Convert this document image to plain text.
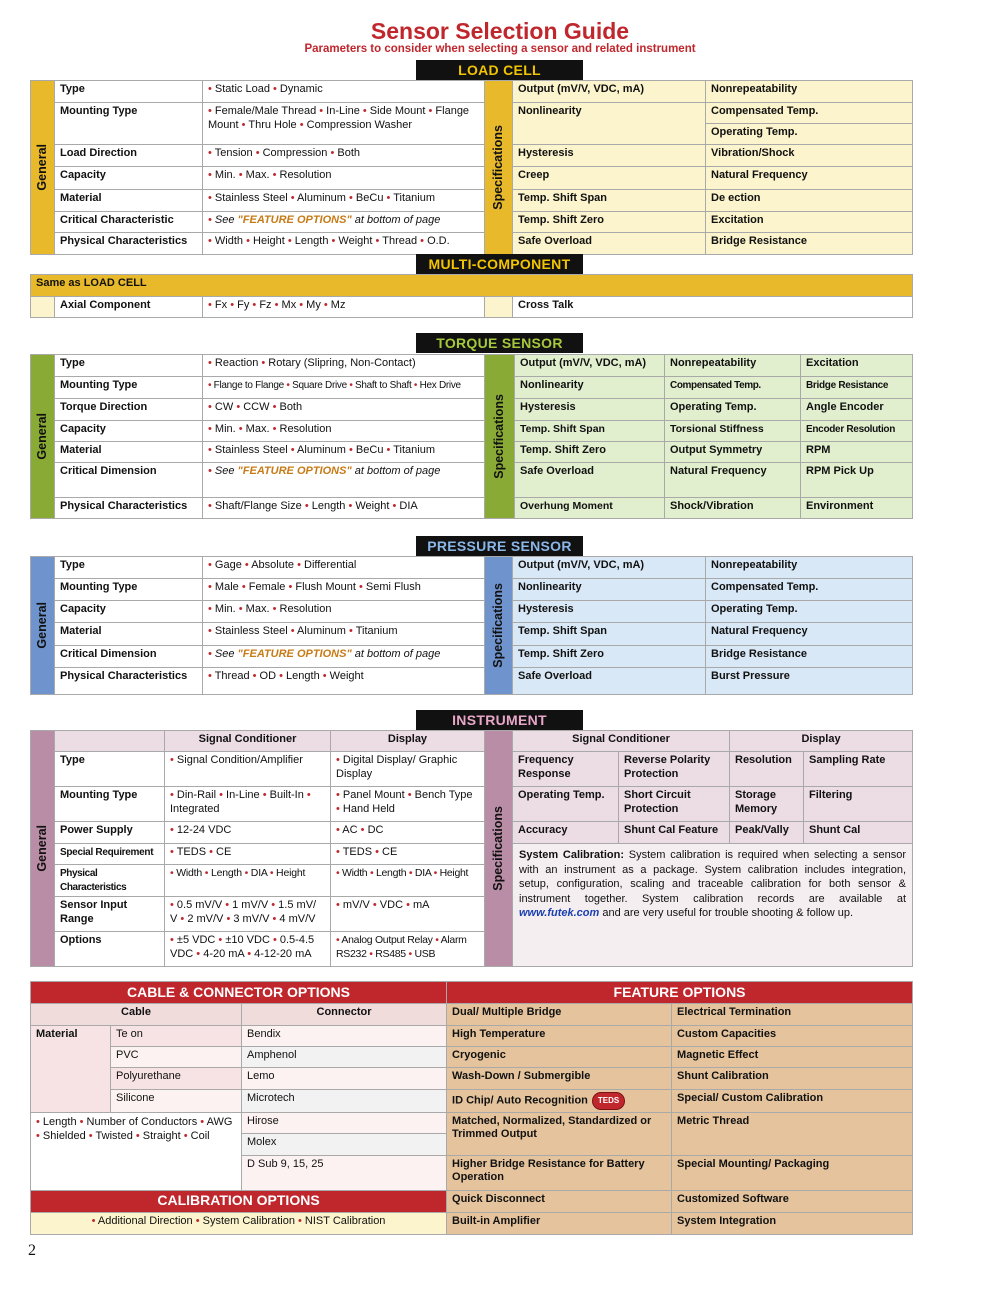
Sensor Selection Guide
Parameters to consider when selecting a sensor and related instrument
LOAD CELL
General	Type	• Static Load • Dynamic	Specifications	Output (mV/V, VDC, mA)	Nonrepeatability
	Mounting Type	• Female/Male Thread • In-Line • Side Mount • Flange Mount • Thru Hole • Compression Washer		Nonlinearity	Compensated Temp.
					Operating Temp.
	Load Direction	• Tension • Compression • Both		Hysteresis	Vibration/Shock
	Capacity	• Min. • Max. • Resolution		Creep	Natural Frequency
	Material	• Stainless Steel • Aluminum • BeCu • Titanium		Temp. Shift Span	De ection
	Critical Characteristic	• See "FEATURE OPTIONS" at bottom of page		Temp. Shift Zero	Excitation
	Physical Characteristics	• Width • Height • Length • Weight • Thread • O.D.		Safe Overload	Bridge Resistance
MULTI-COMPONENT
Same as LOAD CELL
	Axial Component	• Fx • Fy • Fz • Mx • My • Mz		Cross Talk
TORQUE SENSOR
General	Type	• Reaction • Rotary (Slipring, Non-Contact)	Specifications	Output (mV/V, VDC, mA)	Nonrepeatability	Excitation
	Mounting Type	• Flange to Flange • Square Drive • Shaft to Shaft • Hex Drive		Nonlinearity	Compensated Temp.	Bridge Resistance
	Torque Direction	• CW • CCW • Both		Hysteresis	Operating Temp.	Angle Encoder
	Capacity	• Min. • Max. • Resolution		Temp. Shift Span	Torsional Stiffness	Encoder Resolution
	Material	• Stainless Steel • Aluminum • BeCu • Titanium		Temp. Shift Zero	Output Symmetry	RPM
	Critical Dimension	• See "FEATURE OPTIONS" at bottom of page		Safe Overload	Natural Frequency	RPM Pick Up
	Physical Characteristics	• Shaft/Flange Size • Length • Weight • DIA		Overhung Moment	Shock/Vibration	Environment
PRESSURE SENSOR
General	Type	• Gage • Absolute • Differential	Specifications	Output (mV/V, VDC, mA)	Nonrepeatability
	Mounting Type	• Male • Female • Flush Mount • Semi Flush		Nonlinearity	Compensated Temp.
	Capacity	• Min. • Max. • Resolution		Hysteresis	Operating Temp.
	Material	• Stainless Steel • Aluminum • Titanium		Temp. Shift Span	Natural Frequency
	Critical Dimension	• See "FEATURE OPTIONS" at bottom of page		Temp. Shift Zero	Bridge Resistance
	Physical Characteristics	• Thread • OD • Length • Weight		Safe Overload	Burst Pressure
INSTRUMENT
General		Signal Conditioner	Display	Specifications	Signal Conditioner		Display	
	Type	• Signal Condition/Amplifier	• Digital Display/ Graphic Display		Frequency Response	Reverse Polarity Protection	Resolution	Sampling Rate
	Mounting Type	• Din-Rail • In-Line • Built-In • Integrated	• Panel Mount • Bench Type • Hand Held		Operating Temp.	Short Circuit Protection	Storage Memory	Filtering
	Power Supply	• 12-24 VDC	• AC • DC		Accuracy	Shunt Cal Feature	Peak/Vally	Shunt Cal
	Special Requirement	• TEDS • CE	• TEDS • CE		System Calibration: System calibration is required when selecting a sensor with an instrument as a package. System calibration includes integration, setup, configuration, scaling and traceable calibration for both sensor & instrument together. System calibration records are available at www.futek.com and are very useful for trouble shooting & follow up.			
	Physical Characteristics	• Width • Length • DIA • Height	• Width • Length • DIA • Height					
	Sensor Input Range	• 0.5 mV/V • 1 mV/V • 1.5 mV/ V • 2 mV/V • 3 mV/V • 4 mV/V	• mV/V • VDC • mA					
	Options	• ±5 VDC • ±10 VDC • 0.5-4.5 VDC • 4-20 mA • 4-12-20 mA	• Analog Output Relay • Alarm RS232 • RS485 • USB					
CABLE & CONNECTOR OPTIONS			FEATURE OPTIONS	
Cable		Connector	Dual/ Multiple Bridge	Electrical Termination
Material	Te on	Bendix	High Temperature	Custom Capacities
	PVC	Amphenol	Cryogenic	Magnetic Effect
	Polyurethane	Lemo	Wash-Down / Submergible	Shunt Calibration
	Silicone	Microtech	ID Chip/ Auto Recognition TEDS	Special/ Custom Calibration
• Length • Number of Conductors • AWG • Shielded • Twisted • Straight • Coil		Hirose	Matched, Normalized, Standardized or Trimmed Output	Metric Thread
		Molex		
		D Sub 9, 15, 25	Higher Bridge Resistance for Battery Operation	Special Mounting/ Packaging
CALIBRATION OPTIONS			Quick Disconnect	Customized Software
• Additional Direction • System Calibration • NIST Calibration			Built-in Amplifier	System Integration
2
